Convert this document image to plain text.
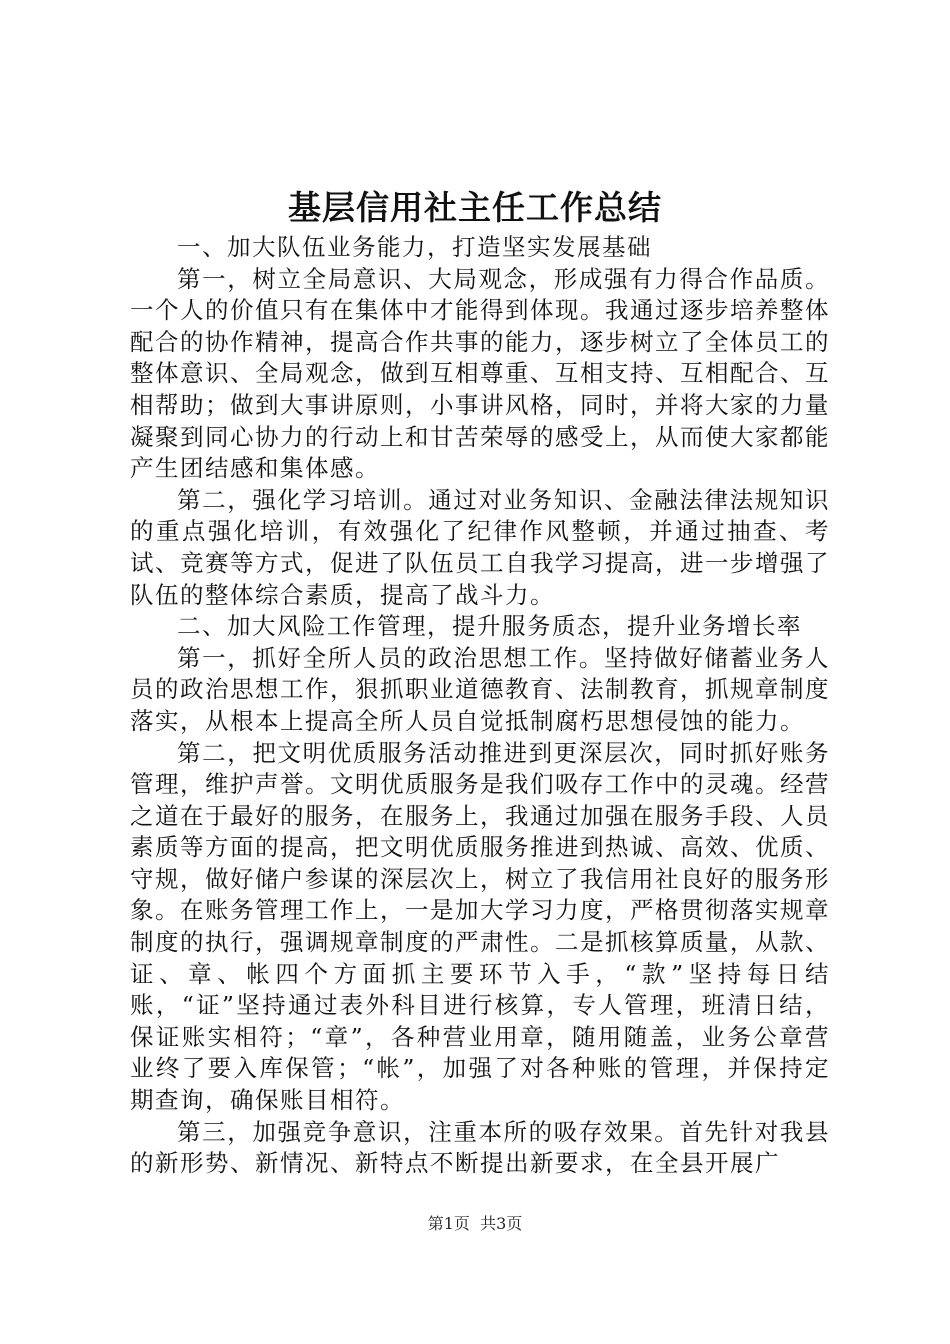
基层信用社主任工作总结

一、加大队伍业务能力，打造坚实发展基础

第一，树立全局意识、大局观念，形成强有力得合作品质。一个人的价值只有在集体中才能得到体现。我通过逐步培养整体配合的协作精神，提高合作共事的能力，逐步树立了全体员工的整体意识、全局观念，做到互相尊重、互相支持、互相配合、互相帮助；做到大事讲原则，小事讲风格，同时，并将大家的力量凝聚到同心协力的行动上和甘苦荣辱的感受上，从而使大家都能产生团结感和集体感。

第二，强化学习培训。通过对业务知识、金融法律法规知识的重点强化培训，有效强化了纪律作风整顿，并通过抽查、考试、竞赛等方式，促进了队伍员工自我学习提高，进一步增强了队伍的整体综合素质，提高了战斗力。

二、加大风险工作管理，提升服务质态，提升业务增长率

第一，抓好全所人员的政治思想工作。坚持做好储蓄业务人员的政治思想工作，狠抓职业道德教育、法制教育，抓规章制度落实，从根本上提高全所人员自觉抵制腐朽思想侵蚀的能力。

第二，把文明优质服务活动推进到更深层次，同时抓好账务管理，维护声誉。文明优质服务是我们吸存工作中的灵魂。经营之道在于最好的服务，在服务上，我通过加强在服务手段、人员素质等方面的提高，把文明优质服务推进到热诚、高效、优质、守规，做好储户参谋的深层次上，树立了我信用社良好的服务形象。在账务管理工作上，一是加大学习力度，严格贯彻落实规章制度的执行，强调规章制度的严肃性。二是抓核算质量，从款、证、章、帐四个方面抓主要环节入手，“款”坚持每日结账，“证”坚持通过表外科目进行核算，专人管理，班清日结，保证账实相符；“章”，各种营业用章，随用随盖，业务公章营业终了要入库保管；“帐”，加强了对各种账的管理，并保持定期查询，确保账目相符。

第三，加强竞争意识，注重本所的吸存效果。首先针对我县的新形势、新情况、新特点不断提出新要求，在全县开展广

第1页  共3页
